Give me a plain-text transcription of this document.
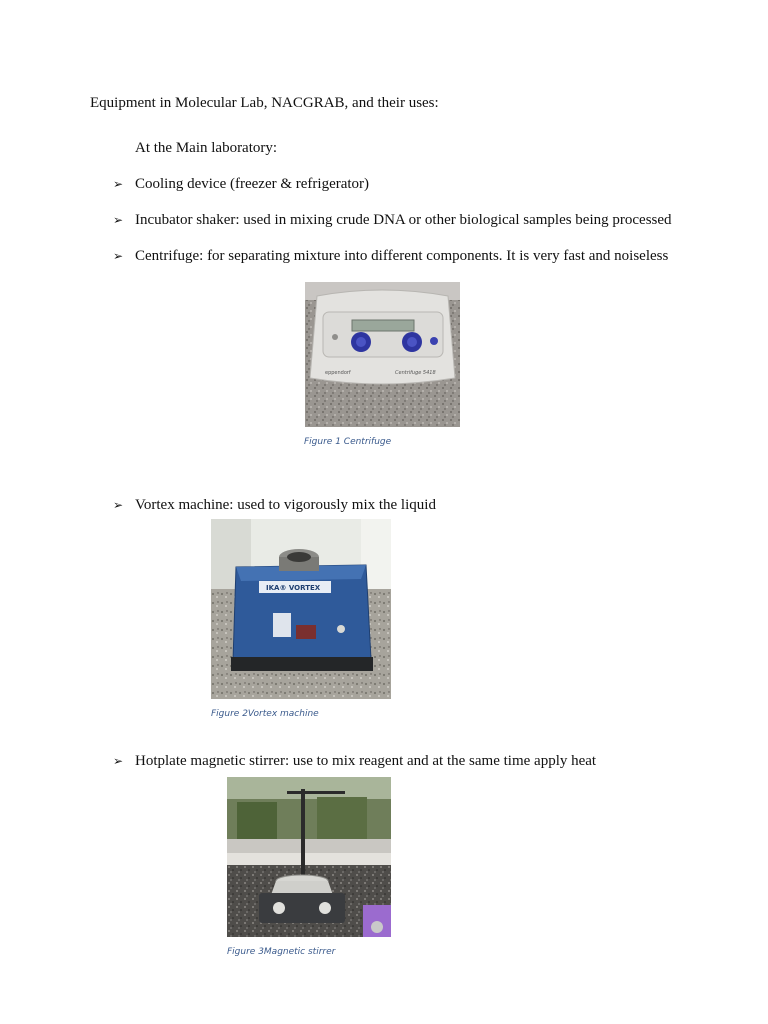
Equipment in Molecular Lab, NACGRAB, and their uses:
At the Main laboratory:
➢ Cooling device (freezer & refrigerator)
➢ Incubator shaker: used in mixing crude DNA or other biological samples being processed
➢ Centrifuge: for separating mixture into different components. It is very fast and noiseless
eppendorf	Centrifuge 5418
Figure 1 Centrifuge
➢ Vortex machine: used to vigorously mix the liquid
IKA® VORTEX
Figure 2Vortex machine
➢ Hotplate magnetic stirrer: use to mix reagent and at the same time apply heat
Figure 3Magnetic stirrer
